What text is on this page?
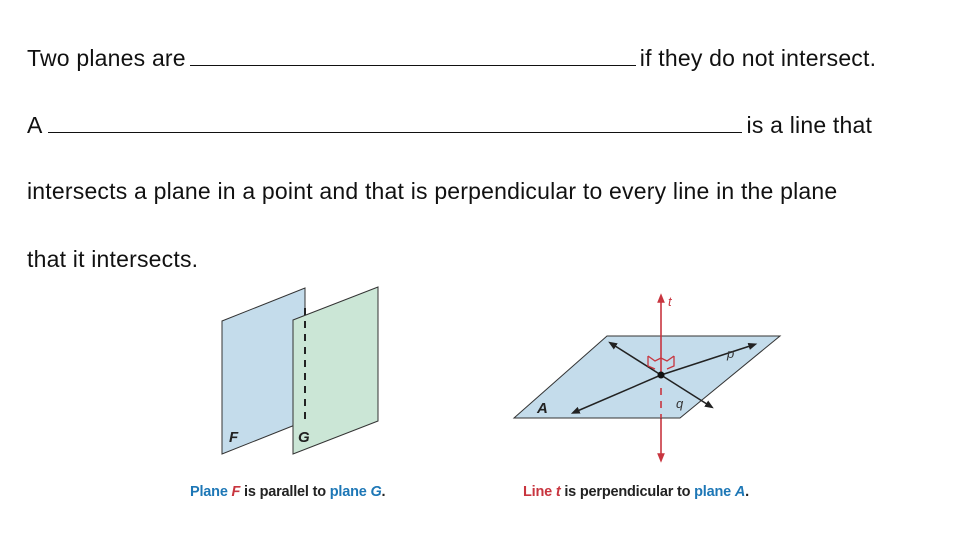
Two planes are	if they do not intersect.
A	is a line that
intersects a plane in a point and that is perpendicular to every line in the plane
that it intersects.
F	G
t
p
q
A
Plane F is parallel to plane G.	Line t is perpendicular to plane A.
